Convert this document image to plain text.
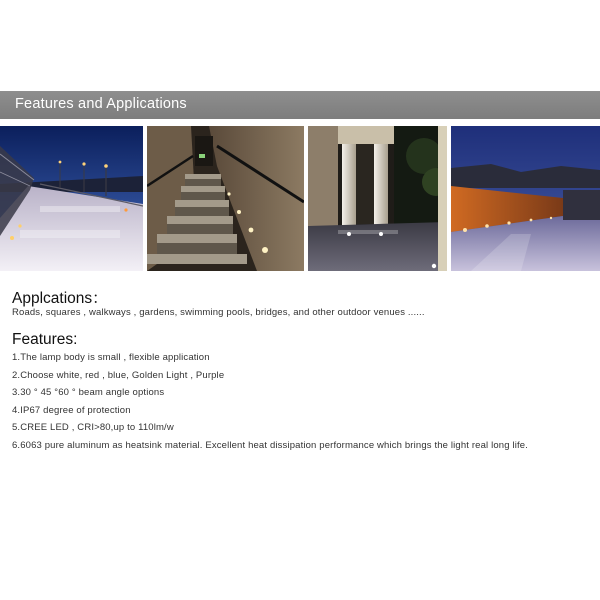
Features and Applications
Applcations：
Roads, squares , walkways , gardens, swimming pools, bridges, and other outdoor venues ......
Features:
1.The lamp body is small , flexible application
2.Choose white, red , blue, Golden Light , Purple
3.30 ° 45 °60 ° beam angle options
4.IP67 degree of protection
5.CREE LED , CRI>80,up to 110lm/w
6.6063 pure aluminum as heatsink material. Excellent heat dissipation performance which brings the light real long life.
